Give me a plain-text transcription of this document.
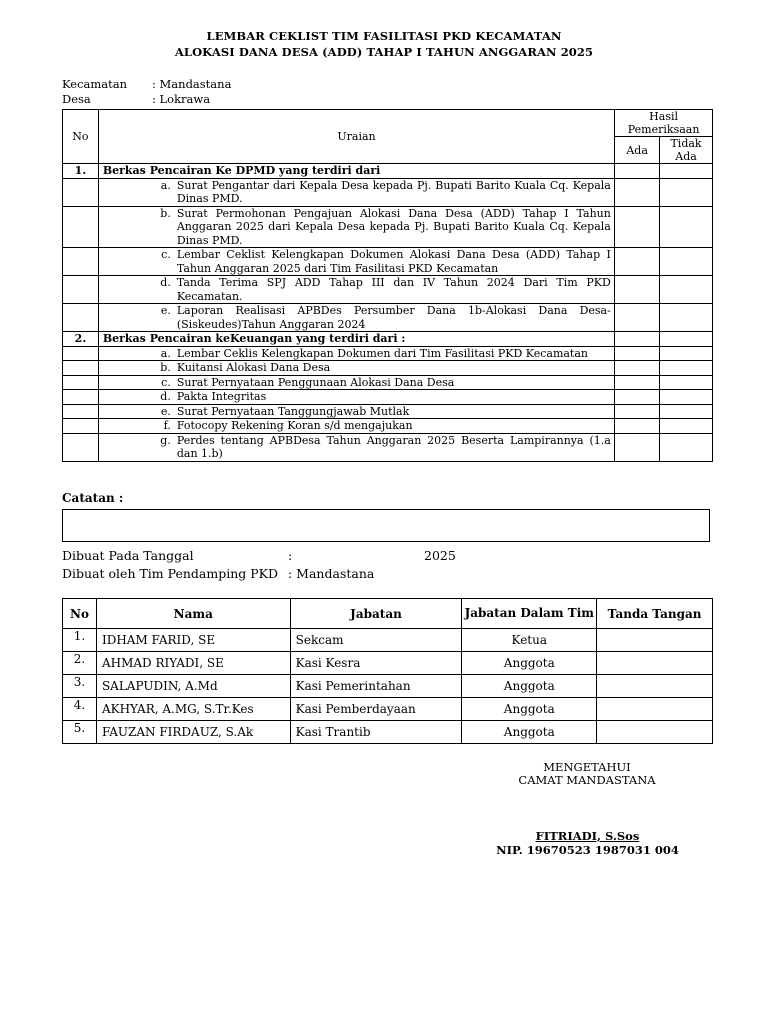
LEMBAR CEKLIST TIM FASILITASI PKD KECAMATAN
ALOKASI DANA DESA (ADD) TAHAP I TAHUN ANGGARAN 2025
Kecamatan : Mandastana
Desa	: Lokrawa
No	Uraian	Hasil Pemeriksaan	
		Ada	Tidak Ada
1.	Berkas Pencairan Ke DPMD yang terdiri dari		
	a. Surat Pengantar dari Kepala Desa kepada Pj. Bupati Barito Kuala Cq. Kepala Dinas PMD.		
	b. Surat Permohonan Pengajuan Alokasi Dana Desa (ADD) Tahap I Tahun Anggaran 2025 dari Kepala Desa kepada Pj. Bupati Barito Kuala Cq. Kepala Dinas PMD.		
	c. Lembar Ceklist Kelengkapan Dokumen Alokasi Dana Desa (ADD) Tahap I Tahun Anggaran 2025 dari Tim Fasilitasi PKD Kecamatan		
	d. Tanda Terima SPJ ADD Tahap III dan IV Tahun 2024 Dari Tim PKD Kecamatan.		
	e. Laporan Realisasi APBDes Persumber Dana 1b-Alokasi Dana Desa-(Siskeudes)Tahun Anggaran 2024		
2.	Berkas Pencairan keKeuangan yang terdiri dari :		
	a. Lembar Ceklis Kelengkapan Dokumen dari Tim Fasilitasi PKD Kecamatan		
	b. Kuitansi Alokasi Dana Desa		
	c. Surat Pernyataan Penggunaan Alokasi Dana Desa		
	d. Pakta Integritas		
	e. Surat Pernyataan Tanggungjawab Mutlak		
	f. Fotocopy Rekening Koran s/d mengajukan		
	g. Perdes tentang APBDesa Tahun Anggaran 2025 Beserta Lampirannya (1.a dan 1.b)		
Catatan :
Dibuat Pada Tanggal	:	2025
Dibuat oleh Tim Pendamping PKD : Mandastana
No	Nama	Jabatan	Jabatan Dalam Tim	Tanda Tangan
1.	IDHAM FARID, SE	Sekcam	Ketua	
2.	AHMAD RIYADI, SE	Kasi Kesra	Anggota	
3.	SALAPUDIN, A.Md	Kasi Pemerintahan	Anggota	
4.	AKHYAR, A.MG, S.Tr.Kes	Kasi Pemberdayaan	Anggota	
5.	FAUZAN FIRDAUZ, S.Ak	Kasi Trantib	Anggota	
MENGETAHUI
CAMAT MANDASTANA
FITRIADI, S.Sos
NIP. 19670523 1987031 004
